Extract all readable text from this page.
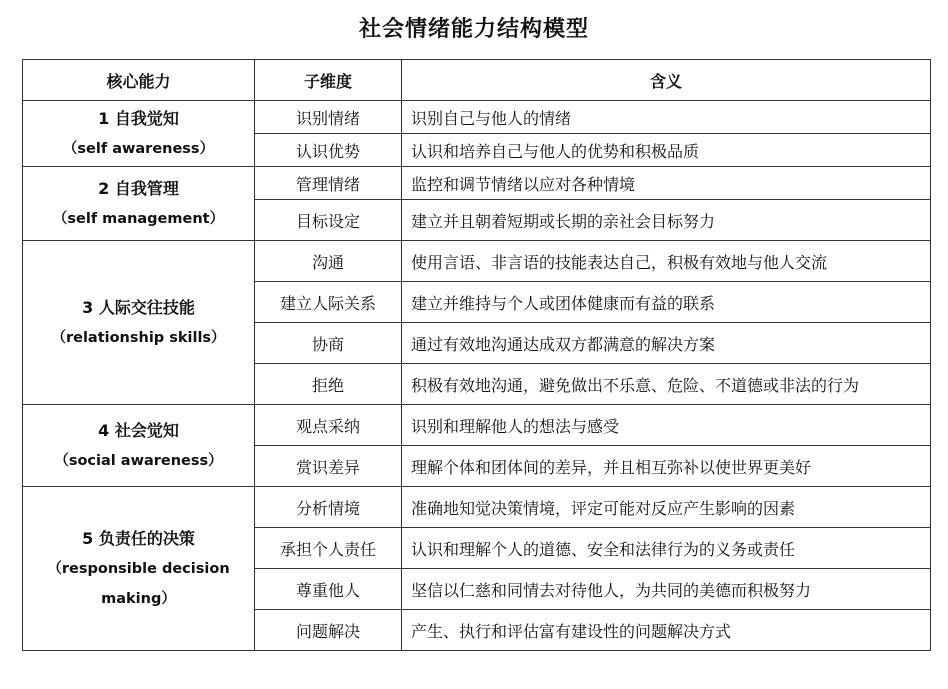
社会情绪能力结构模型
核心能力	子维度	含义

1 自我觉知
（self awareness）	识别情绪	识别自己与他人的情绪
	认识优势	认识和培养自己与他人的优势和积极品质

2 自我管理
（self management）	管理情绪	监控和调节情绪以应对各种情境
	目标设定	建立并且朝着短期或长期的亲社会目标努力

3 人际交往技能
（relationship skills）	沟通	使用言语、非言语的技能表达自己，积极有效地与他人交流
	建立人际关系	建立并维持与个人或团体健康而有益的联系
	协商	通过有效地沟通达成双方都满意的解决方案
	拒绝	积极有效地沟通，避免做出不乐意、危险、不道德或非法的行为

4 社会觉知
（social awareness）	观点采纳	识别和理解他人的想法与感受
	赏识差异	理解个体和团体间的差异，并且相互弥补以使世界更美好

5 负责任的决策
（responsible decision
making）	分析情境	准确地知觉决策情境，评定可能对反应产生影响的因素
	承担个人责任	认识和理解个人的道德、安全和法律行为的义务或责任
	尊重他人	坚信以仁慈和同情去对待他人，为共同的美德而积极努力
	问题解决	产生、执行和评估富有建设性的问题解决方式
